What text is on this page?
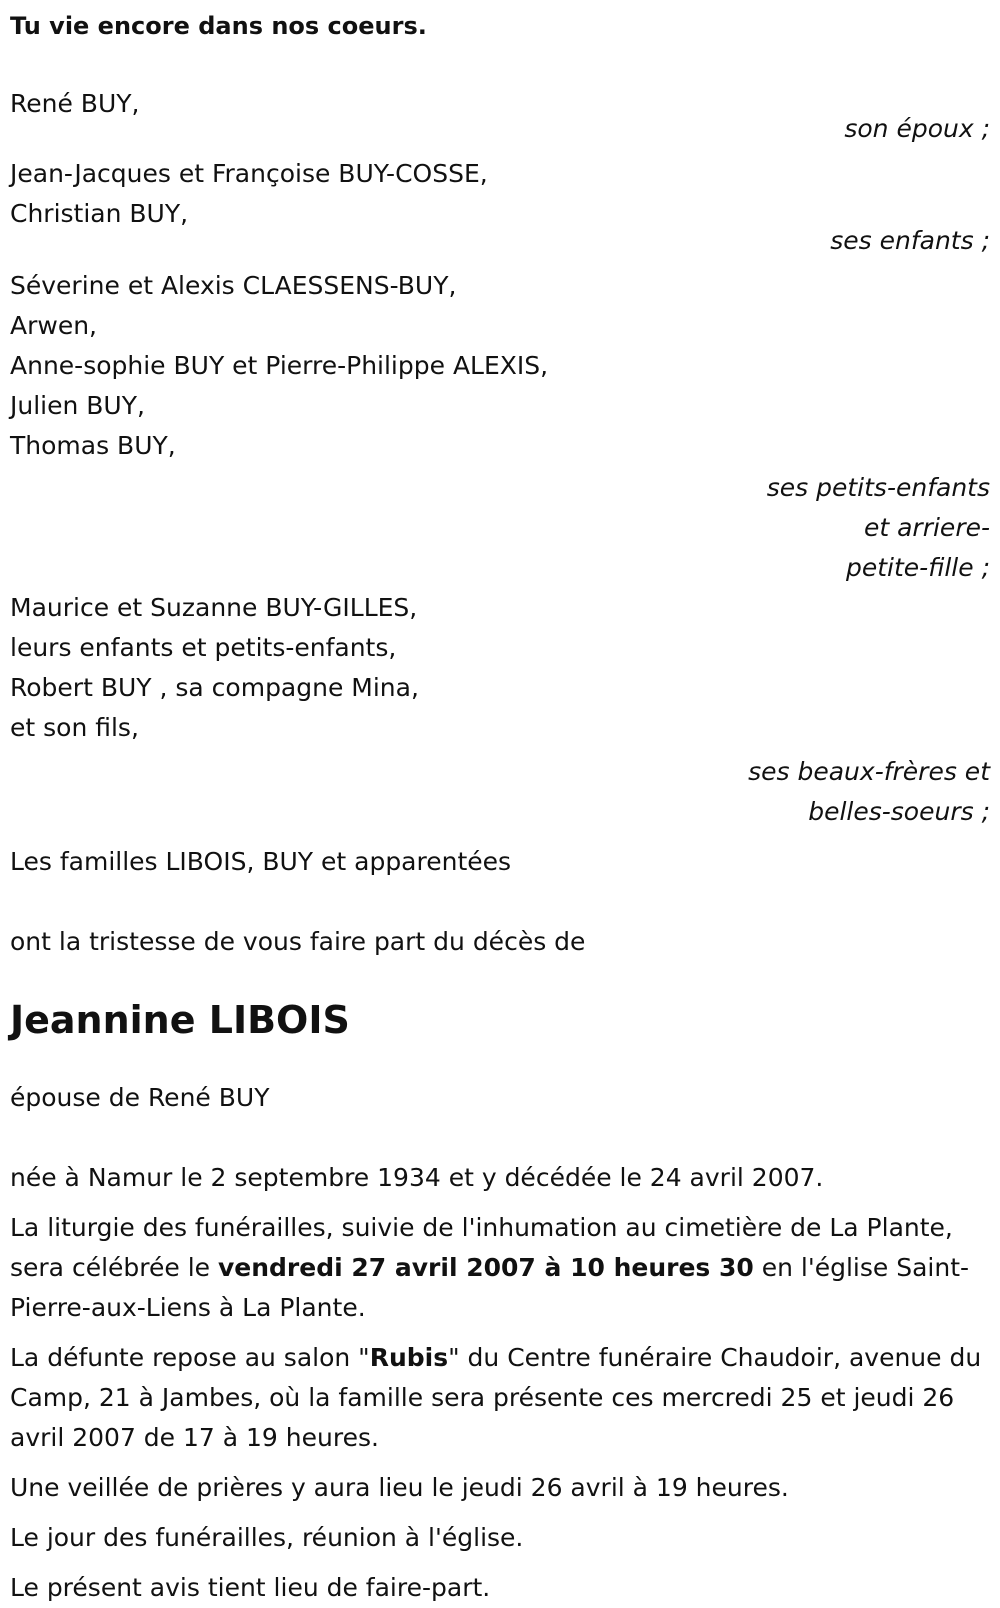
Tu vie encore dans nos coeurs.
René BUY,
son époux ;
Jean-Jacques et Françoise BUY-COSSE,
Christian BUY,
ses enfants ;
Séverine et Alexis CLAESSENS-BUY,
Arwen,
Anne-sophie BUY et Pierre-Philippe ALEXIS,
Julien BUY,
Thomas BUY,
ses petits-enfants
et arriere-
petite-fille ;
Maurice et Suzanne BUY-GILLES,
leurs enfants et petits-enfants,
Robert BUY , sa compagne Mina,
et son fils,
ses beaux-frères et
belles-soeurs ;
Les familles LIBOIS, BUY et apparentées
ont la tristesse de vous faire part du décès de
Jeannine LIBOIS
épouse de René BUY
née à Namur le 2 septembre 1934 et y décédée le 24 avril 2007.
La liturgie des funérailles, suivie de l'inhumation au cimetière de La Plante, sera célébrée le vendredi 27 avril 2007 à 10 heures 30 en l'église Saint-Pierre-aux-Liens à La Plante.
La défunte repose au salon "Rubis" du Centre funéraire Chaudoir, avenue du Camp, 21 à Jambes, où la famille sera présente ces mercredi 25 et jeudi 26 avril 2007 de 17 à 19 heures.
Une veillée de prières y aura lieu le jeudi 26 avril à 19 heures.
Le jour des funérailles, réunion à l'église.
Le présent avis tient lieu de faire-part.
